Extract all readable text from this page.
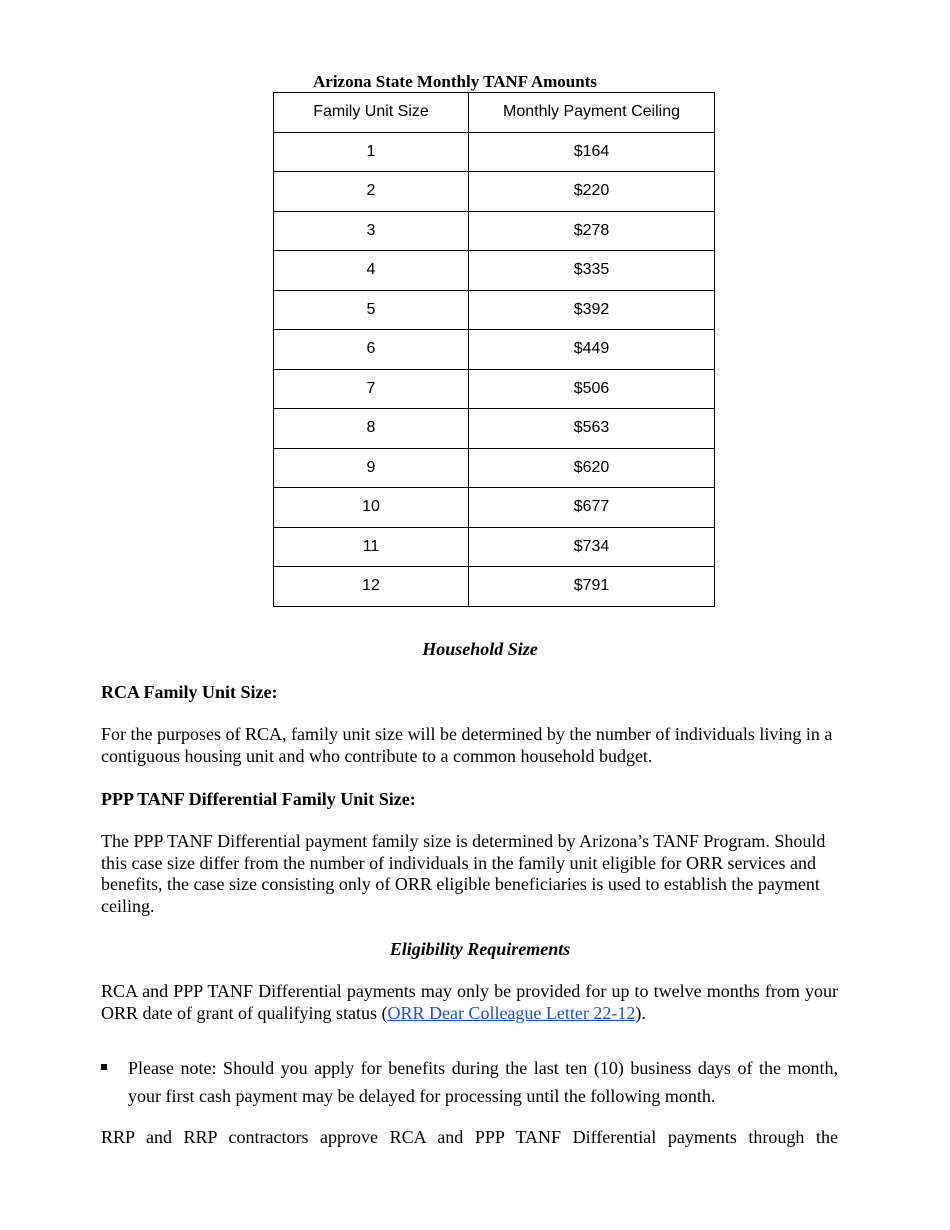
Arizona State Monthly TANF Amounts
Family Unit Size	Monthly Payment Ceiling
1	$164
2	$220
3	$278
4	$335
5	$392
6	$449
7	$506
8	$563
9	$620
10	$677
11	$734
12	$791
Household Size
RCA Family Unit Size:
For the purposes of RCA, family unit size will be determined by the number of individuals living in a contiguous housing unit and who contribute to a common household budget.
PPP TANF Differential Family Unit Size:
The PPP TANF Differential payment family size is determined by Arizona’s TANF Program. Should this case size differ from the number of individuals in the family unit eligible for ORR services and benefits, the case size consisting only of ORR eligible beneficiaries is used to establish the payment ceiling.
Eligibility Requirements
RCA and PPP TANF Differential payments may only be provided for up to twelve months from your ORR date of grant of qualifying status (ORR Dear Colleague Letter 22-12).
Please note: Should you apply for benefits during the last ten (10) business days of the month, your first cash payment may be delayed for processing until the following month.
RRP and RRP contractors approve RCA and PPP TANF Differential payments through the
